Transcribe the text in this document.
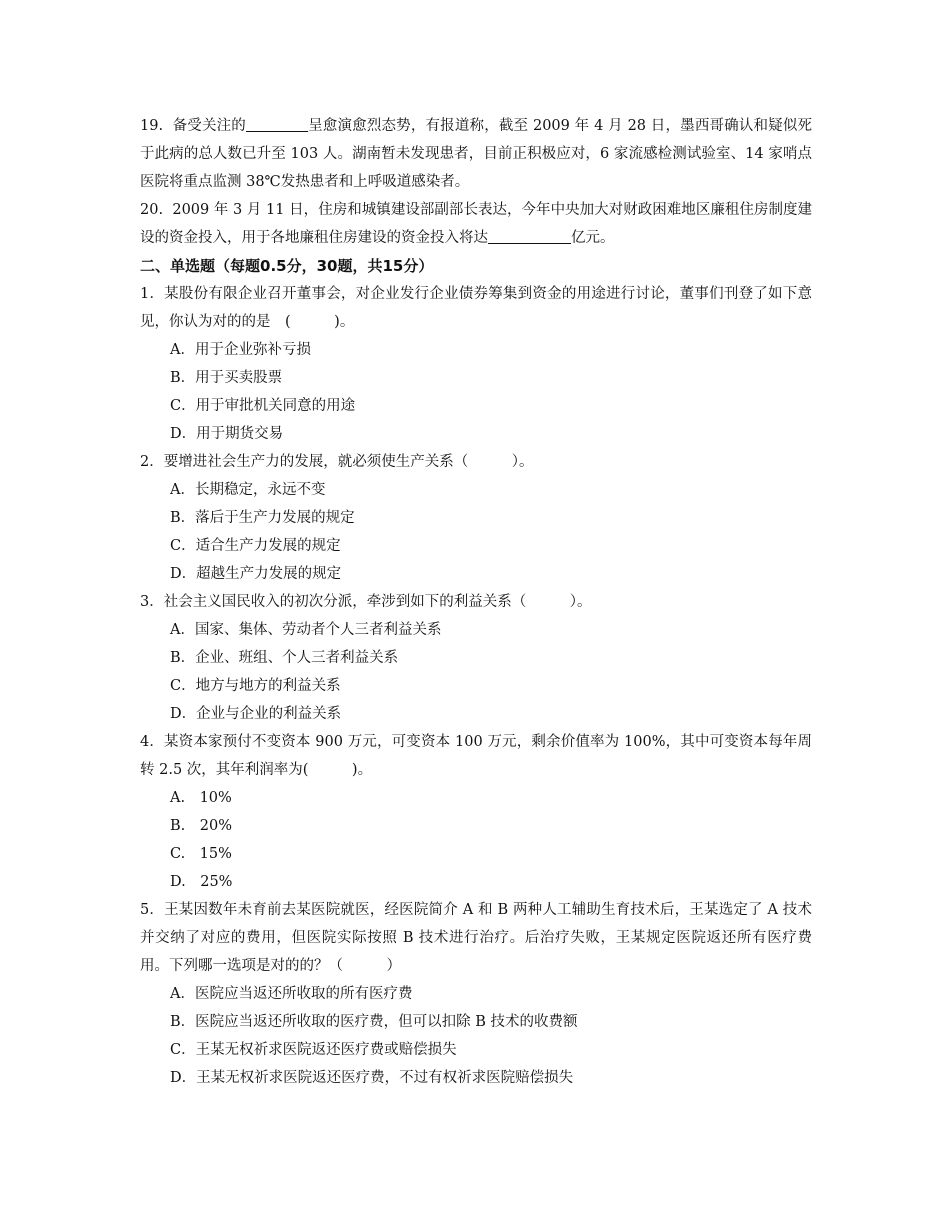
19. 备受关注的	呈愈演愈烈态势，有报道称，截至 2009 年 4 月 28 日，墨西哥确认和疑似死于此病的总人数已升至 103 人。湖南暂未发现患者，目前正积极应对，6 家流感检测试验室、14 家哨点医院将重点监测 38℃发热患者和上呼吸道感染者。

20. 2009 年 3 月 11 日，住房和城镇建设部副部长表达，今年中央加大对财政困难地区廉租住房制度建设的资金投入，用于各地廉租住房建设的资金投入将达	亿元。

二、单选题（每题0.5分，30题，共15分）

1．某股份有限企业召开董事会，对企业发行企业债券筹集到资金的用途进行讨论，董事们刊登了如下意见，你认为对的的是　(　　　)。

A．用于企业弥补亏损

B．用于买卖股票

C．用于审批机关同意的用途

D．用于期货交易

2．要增进社会生产力的发展，就必须使生产关系（　　　）。

A．长期稳定，永远不变

B．落后于生产力发展的规定

C．适合生产力发展的规定

D．超越生产力发展的规定

3．社会主义国民收入的初次分派，牵涉到如下的利益关系（　　　）。

A．国家、集体、劳动者个人三者利益关系

B．企业、班组、个人三者利益关系

C．地方与地方的利益关系

D．企业与企业的利益关系

4．某资本家预付不变资本 900 万元，可变资本 100 万元，剩余价值率为 100%，其中可变资本每年周转 2.5 次，其年利润率为(　　　)。

A.　10%

B.　20%

C.　15%

D.　25%

5．王某因数年未育前去某医院就医，经医院简介 A 和 B 两种人工辅助生育技术后，王某选定了 A 技术并交纳了对应的费用，但医院实际按照 B 技术进行治疗。后治疗失败，王某规定医院返还所有医疗费用。下列哪一选项是对的的？（　　　）

A．医院应当返还所收取的所有医疗费

B．医院应当返还所收取的医疗费，但可以扣除 B 技术的收费额

C．王某无权祈求医院返还医疗费或赔偿损失

D．王某无权祈求医院返还医疗费，不过有权祈求医院赔偿损失
